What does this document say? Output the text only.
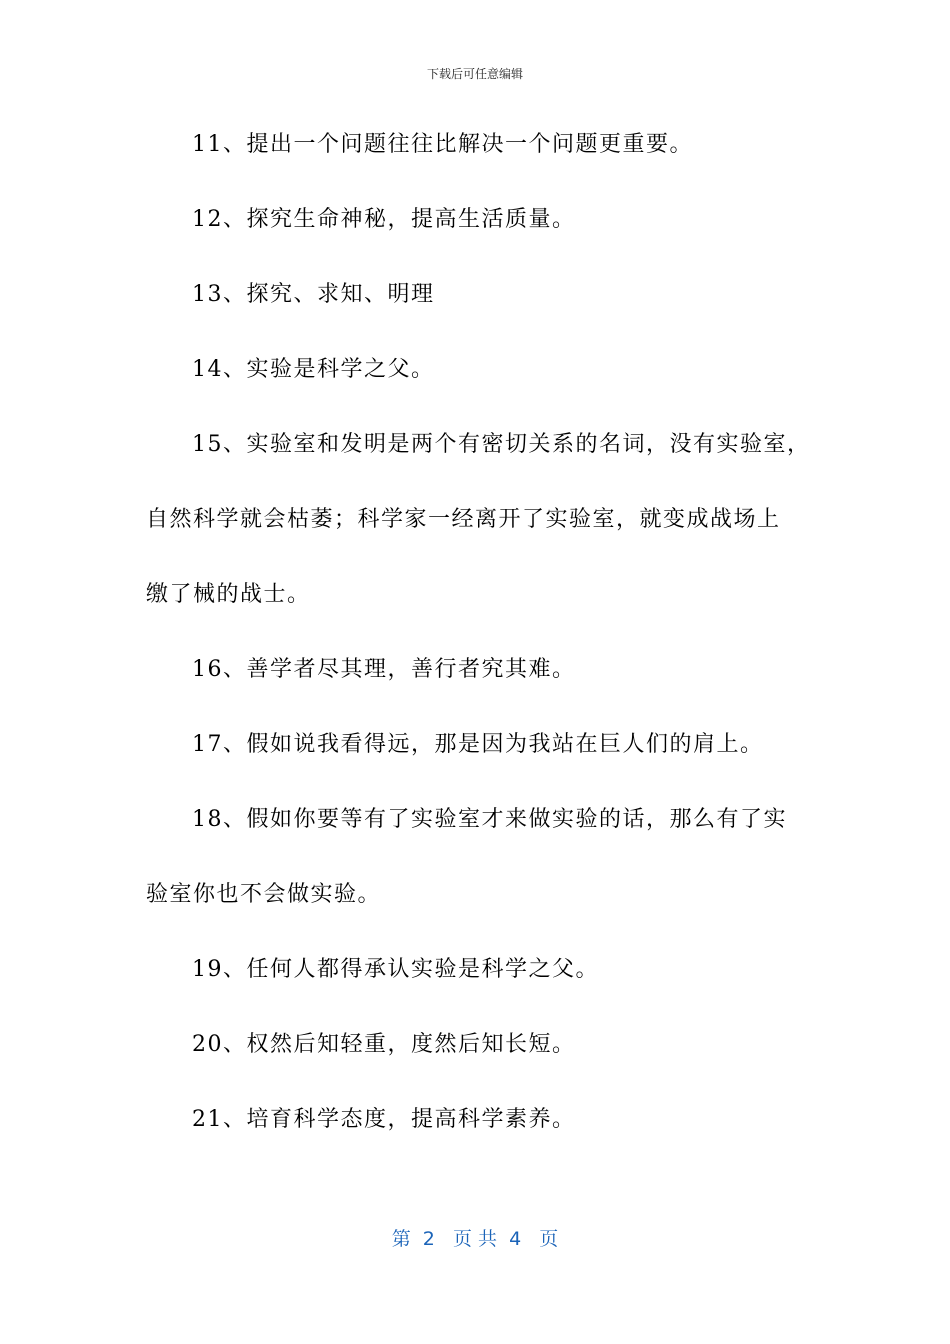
下载后可任意编辑
11、提出一个问题往往比解决一个问题更重要。
12、探究生命神秘，提高生活质量。
13、探究、求知、明理
14、实验是科学之父。
15、实验室和发明是两个有密切关系的名词，没有实验室，
自然科学就会枯萎；科学家一经离开了实验室，就变成战场上
缴了械的战士。
16、善学者尽其理，善行者究其难。
17、假如说我看得远，那是因为我站在巨人们的肩上。
18、假如你要等有了实验室才来做实验的话，那么有了实
验室你也不会做实验。
19、任何人都得承认实验是科学之父。
20、权然后知轻重，度然后知长短。
21、培育科学态度，提高科学素养。
第  2   页 共  4   页
